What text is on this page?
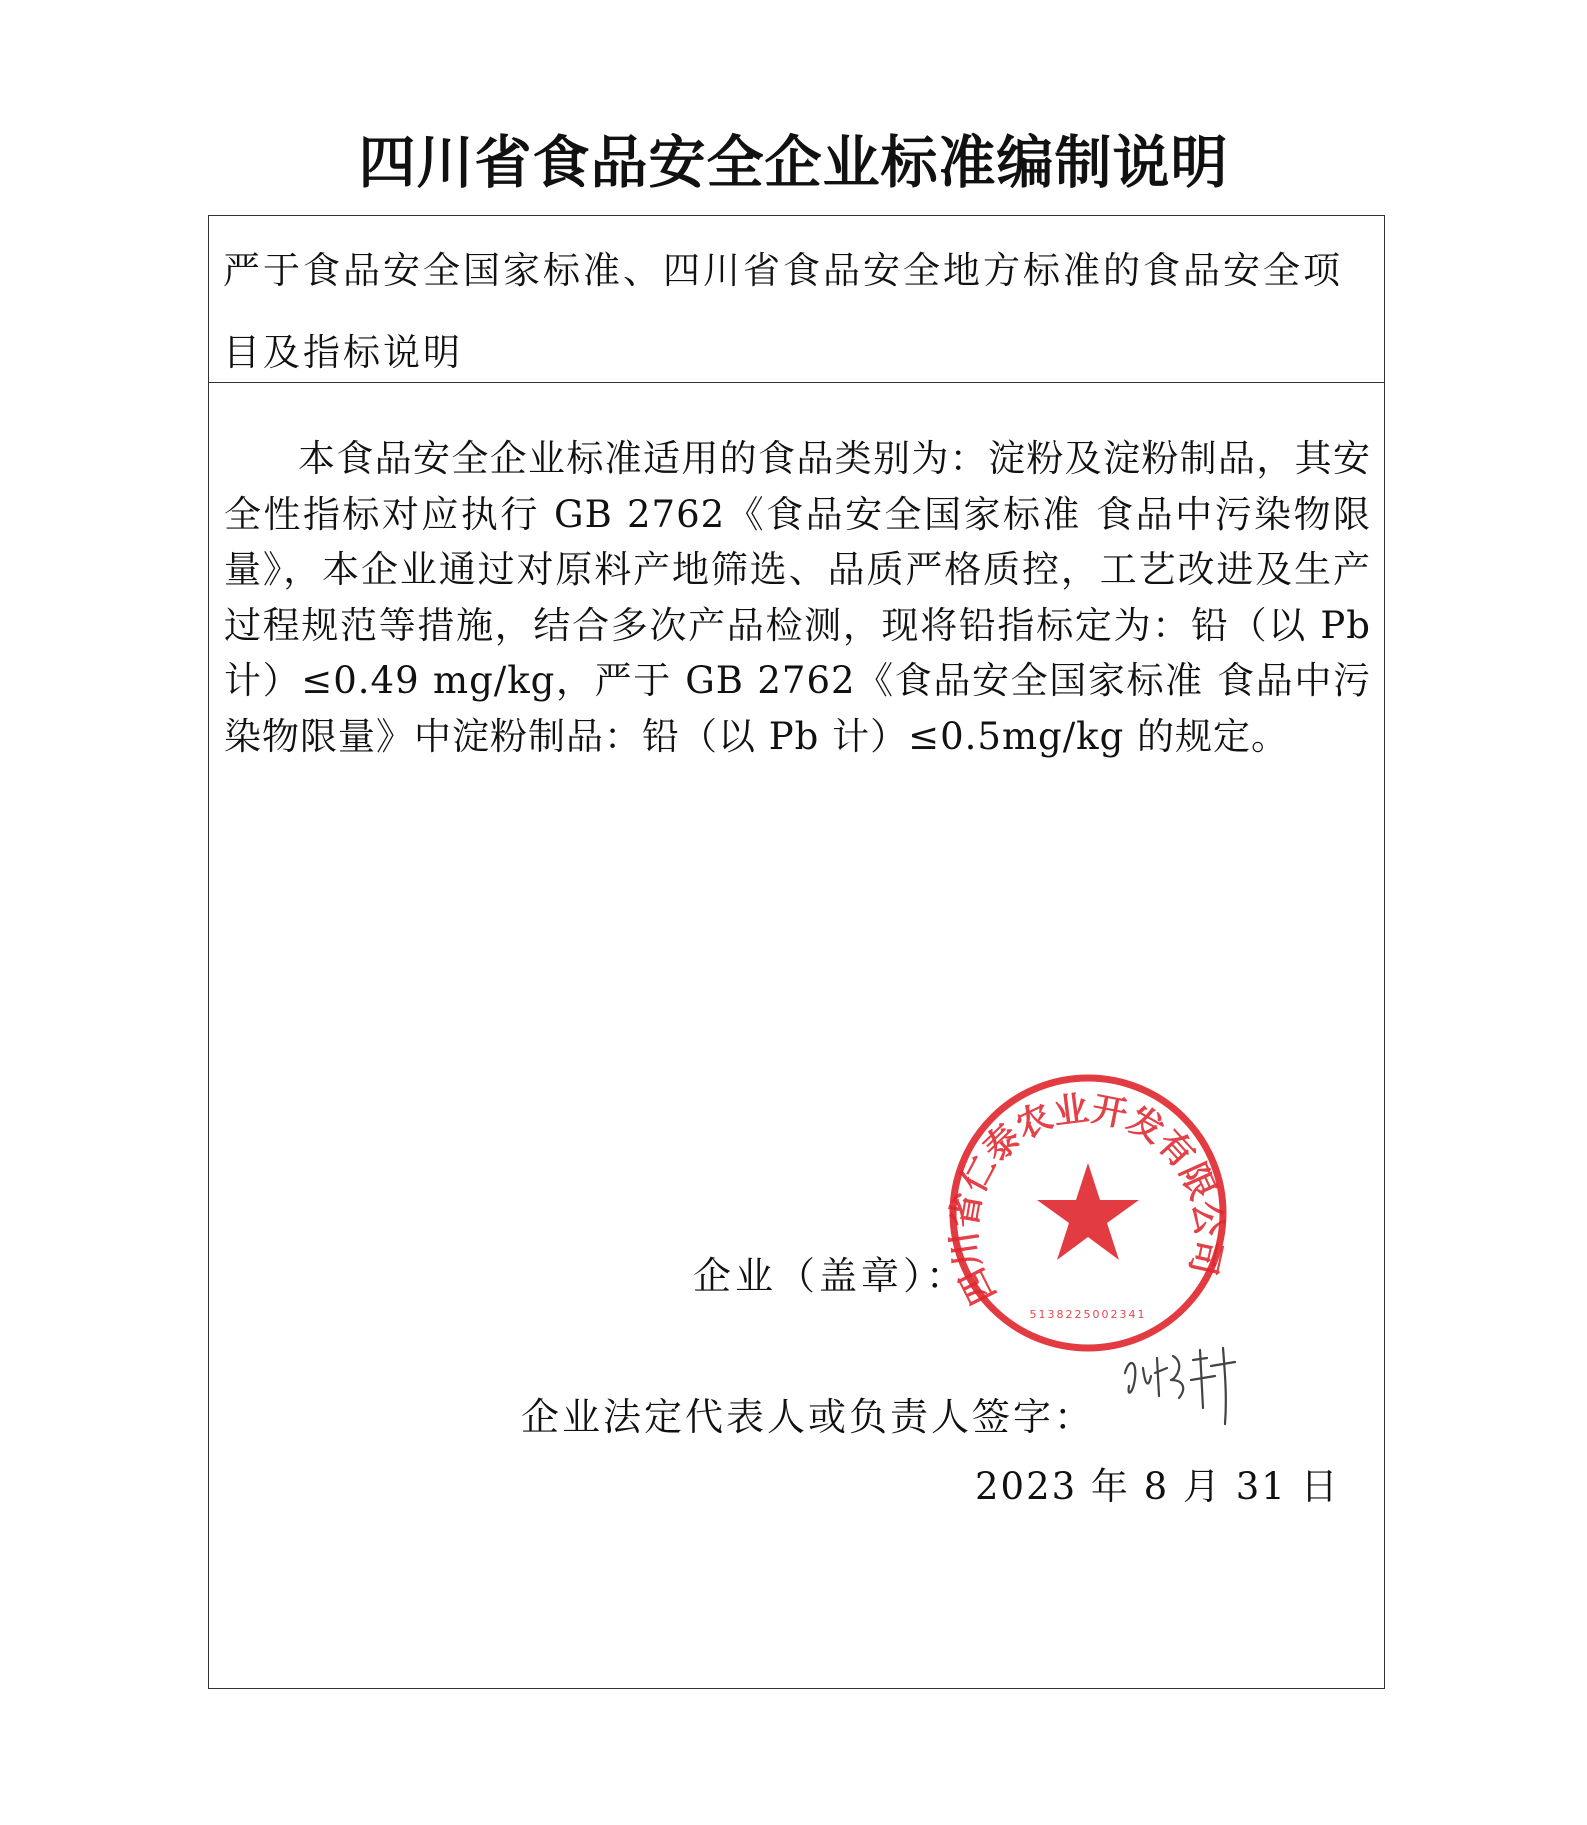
四川省食品安全企业标准编制说明
严于食品安全国家标准、四川省食品安全地方标准的食品安全项目及指标说明
本食品安全企业标准适用的食品类别为：淀粉及淀粉制品，其安全性指标对应执行 GB 2762《食品安全国家标准 食品中污染物限量》，本企业通过对原料产地筛选、品质严格质控，工艺改进及生产过程规范等措施，结合多次产品检测，现将铅指标定为：铅（以 Pb 计）≤0.49 mg/kg，严于 GB 2762《食品安全国家标准 食品中污染物限量》中淀粉制品：铅（以 Pb 计）≤0.5mg/kg 的规定。
企业（盖章）：
企业法定代表人或负责人签字：
2023 年 8 月 31 日
四川省仁泰农业开发有限公司
5138225002341
